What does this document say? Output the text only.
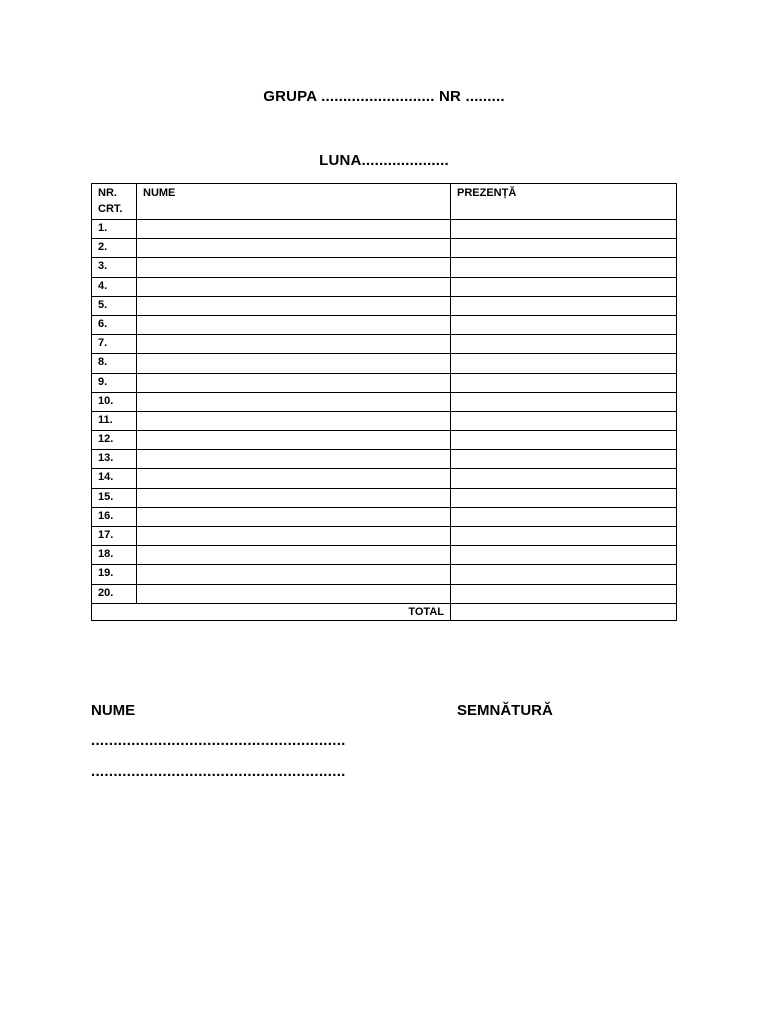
GRUPA .......................... NR .........
LUNA....................
NR.
CRT.	NUME	PREZENȚĂ
1.		
2.		
3.		
4.		
5.		
6.		
7.		
8.		
9.		
10.		
11.		
12.		
13.		
14.		
15.		
16.		
17.		
18.		
19.		
20.		
TOTAL		
NUME	SEMNĂTURĂ
.........................................................
.........................................................
